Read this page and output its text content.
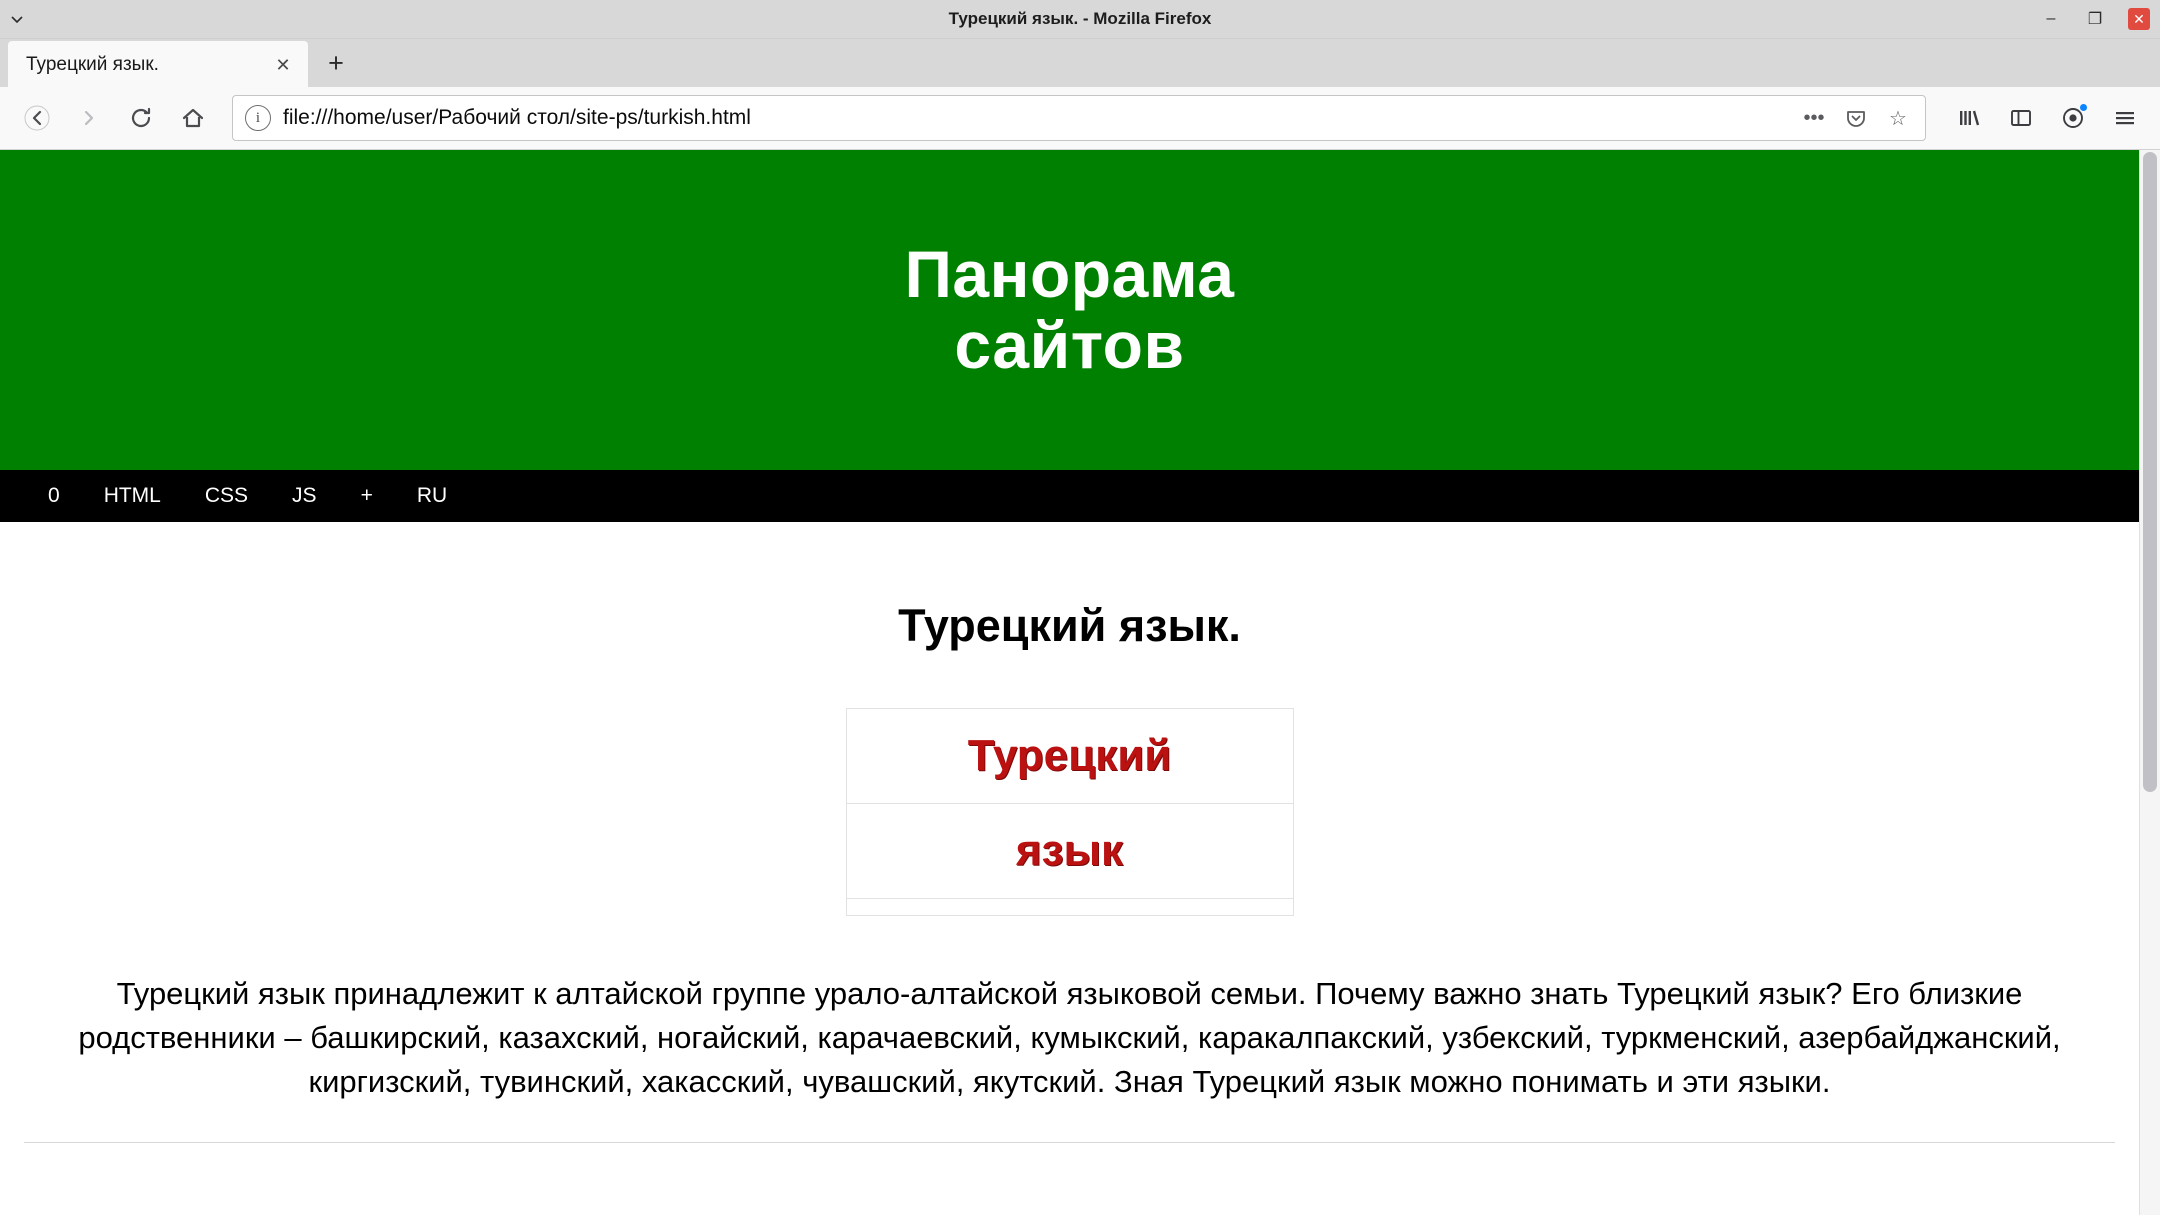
Турецкий язык. - Mozilla Firefox	–	❐	✕
Турецкий язык.	✕	+
i	file:///home/user/Рабочий стол/site-ps/turkish.html	•••	☆
Панорама
сайтов
0	HTML	CSS	JS	+	RU
Турецкий язык.
Турецкий
язык

Турецкий язык принадлежит к алтайской группе урало-алтайской языковой семьи. Почему важно знать Турецкий язык? Его близкие родственники – башкирский, казахский, ногайский, карачаевский, кумыкский, каракалпакский, узбекский, туркменский, азербайджанский, киргизский, тувинский, хакасский, чувашский, якутский. Зная Турецкий язык можно понимать и эти языки.
